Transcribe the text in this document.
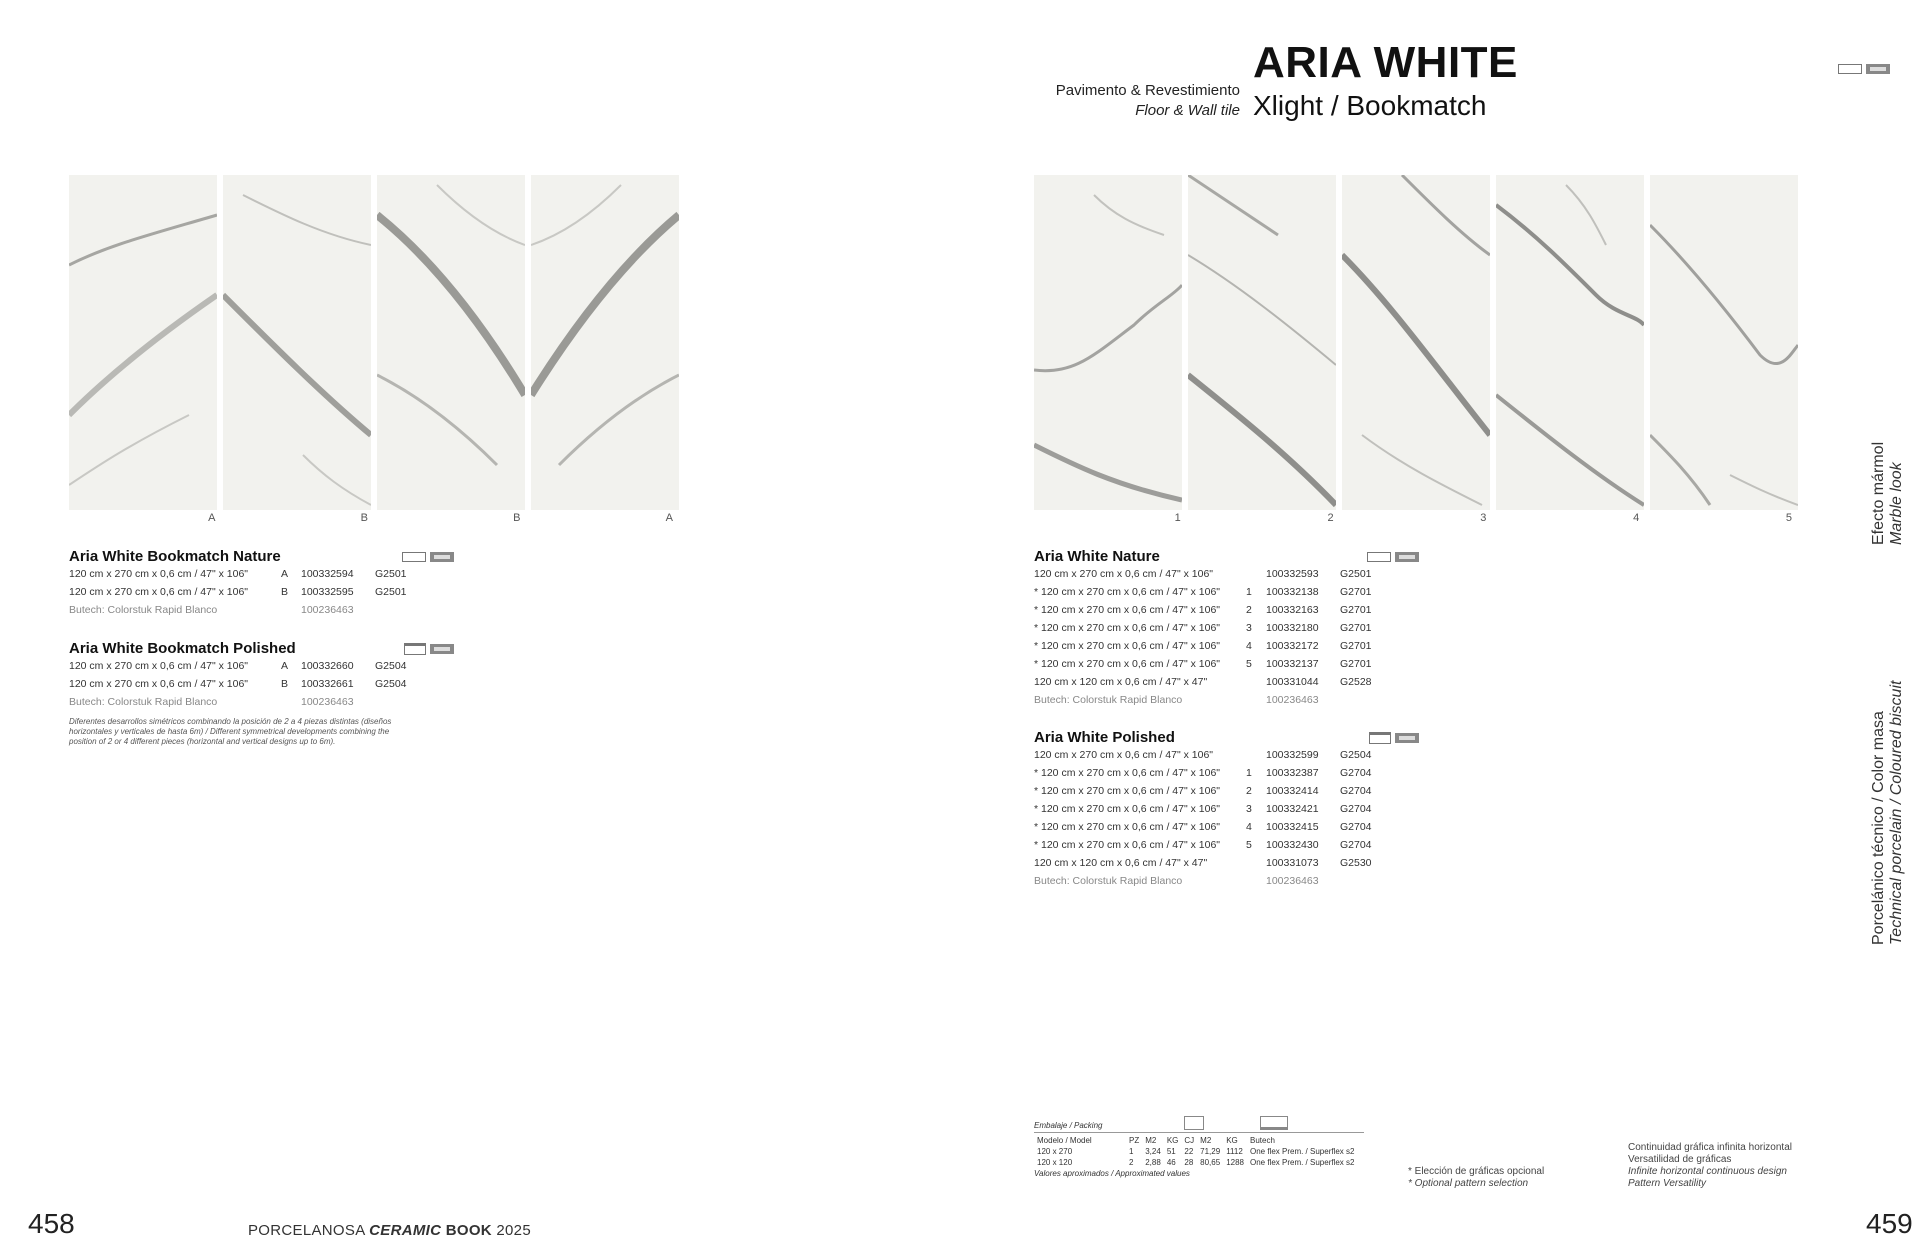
Pavimento & Revestimiento
Floor & Wall tile
ARIA WHITE
Xlight / Bookmatch
A	B	B	A	1	2	3	4	5
Aria White Bookmatch Nature
120 cm x 270 cm x 0,6 cm / 47" x 106"	A	100332594	G2501
120 cm x 270 cm x 0,6 cm / 47" x 106"	B	100332595	G2501
Butech: Colorstuk Rapid Blanco	100236463
Aria White Bookmatch Polished
120 cm x 270 cm x 0,6 cm / 47" x 106"	A	100332660	G2504
120 cm x 270 cm x 0,6 cm / 47" x 106"	B	100332661	G2504
Butech: Colorstuk Rapid Blanco	100236463
Diferentes desarrollos simétricos combinando la posición de 2 a 4 piezas distintas (diseños horizontales y verticales de hasta 6m) / Different symmetrical developments combining the position of 2 or 4 different pieces (horizontal and vertical designs up to 6m).
Aria White Nature
120 cm x 270 cm x 0,6 cm / 47" x 106"	100332593	G2501
* 120 cm x 270 cm x 0,6 cm / 47" x 106"	1	100332138	G2701
* 120 cm x 270 cm x 0,6 cm / 47" x 106"	2	100332163	G2701
* 120 cm x 270 cm x 0,6 cm / 47" x 106"	3	100332180	G2701
* 120 cm x 270 cm x 0,6 cm / 47" x 106"	4	100332172	G2701
* 120 cm x 270 cm x 0,6 cm / 47" x 106"	5	100332137	G2701
120 cm x 120 cm x 0,6 cm / 47" x 47"	100331044	G2528
Butech: Colorstuk Rapid Blanco	100236463
Aria White Polished
120 cm x 270 cm x 0,6 cm / 47" x 106"	100332599	G2504
* 120 cm x 270 cm x 0,6 cm / 47" x 106"	1	100332387	G2704
* 120 cm x 270 cm x 0,6 cm / 47" x 106"	2	100332414	G2704
* 120 cm x 270 cm x 0,6 cm / 47" x 106"	3	100332421	G2704
* 120 cm x 270 cm x 0,6 cm / 47" x 106"	4	100332415	G2704
* 120 cm x 270 cm x 0,6 cm / 47" x 106"	5	100332430	G2704
120 cm x 120 cm x 0,6 cm / 47" x 47"	100331073	G2530
Butech: Colorstuk Rapid Blanco	100236463
Embalaje / Packing
Modelo / Model	PZ	M2	KG	CJ	M2	KG	Butech
120 x 270	1	3,24	51	22	71,29	1112	One flex Prem. / Superflex s2
120 x 120	2	2,88	46	28	80,65	1288	One flex Prem. / Superflex s2
Valores aproximados / Approximated values	* Elección de gráficas opcional
* Optional pattern selection
Continuidad gráfica infinita horizontal
Versatilidad de gráficas
Infinite horizontal continuous design
Pattern Versatility
Efecto mármol Marble look
Porcelánico técnico / Color masa Technical porcelain / Coloured biscuit
458	PORCELANOSA CERAMIC BOOK 2025	459
